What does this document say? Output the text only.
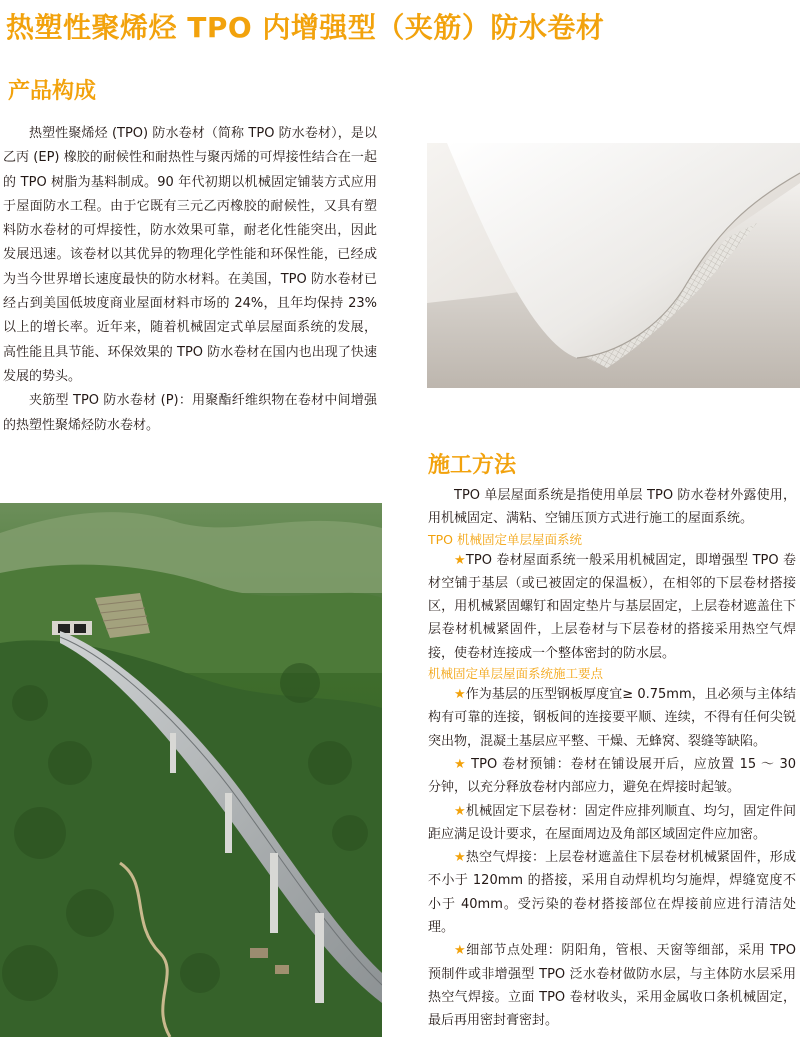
热塑性聚烯烃 TPO 内增强型（夹筋）防水卷材
产品构成

热塑性聚烯烃 (TPO) 防水卷材（简称 TPO 防水卷材），是以乙丙 (EP) 橡胶的耐候性和耐热性与聚丙烯的可焊接性结合在一起的 TPO 树脂为基料制成。90 年代初期以机械固定铺装方式应用于屋面防水工程。由于它既有三元乙丙橡胶的耐候性，又具有塑料防水卷材的可焊接性，防水效果可靠，耐老化性能突出，因此发展迅速。该卷材以其优异的物理化学性能和环保性能，已经成为当今世界增长速度最快的防水材料。在美国，TPO 防水卷材已经占到美国低坡度商业屋面材料市场的 24%，且年均保持 23%以上的增长率。近年来，随着机械固定式单层屋面系统的发展，高性能且具节能、环保效果的 TPO 防水卷材在国内也出现了快速发展的势头。

夹筋型 TPO 防水卷材 (P)：用聚酯纤维织物在卷材中间增强的热塑性聚烯烃防水卷材。

施工方法

TPO 单层屋面系统是指使用单层 TPO 防水卷材外露使用，用机械固定、满粘、空铺压顶方式进行施工的屋面系统。

TPO 机械固定单层屋面系统

★TPO 卷材屋面系统一般采用机械固定，即增强型 TPO 卷材空铺于基层（或已被固定的保温板），在相邻的下层卷材搭接区，用机械紧固螺钉和固定垫片与基层固定，上层卷材遮盖住下层卷材机械紧固件，上层卷材与下层卷材的搭接采用热空气焊接，使卷材连接成一个整体密封的防水层。

机械固定单层屋面系统施工要点

★作为基层的压型钢板厚度宜≥ 0.75mm，且必须与主体结构有可靠的连接，钢板间的连接要平顺、连续，不得有任何尖锐突出物，混凝土基层应平整、干燥、无蜂窝、裂缝等缺陷。

★ TPO 卷材预铺：卷材在铺设展开后，应放置 15 ～ 30 分钟，以充分释放卷材内部应力，避免在焊接时起皱。

★机械固定下层卷材：固定件应排列顺直、均匀，固定件间距应满足设计要求，在屋面周边及角部区域固定件应加密。

★热空气焊接：上层卷材遮盖住下层卷材机械紧固件，形成不小于 120mm 的搭接，采用自动焊机均匀施焊，焊缝宽度不小于 40mm。受污染的卷材搭接部位在焊接前应进行清洁处理。

★细部节点处理：阴阳角，管根、天窗等细部，采用 TPO 预制件或非增强型 TPO 泛水卷材做防水层，与主体防水层采用热空气焊接。立面 TPO 卷材收头，采用金属收口条机械固定，最后再用密封膏密封。
